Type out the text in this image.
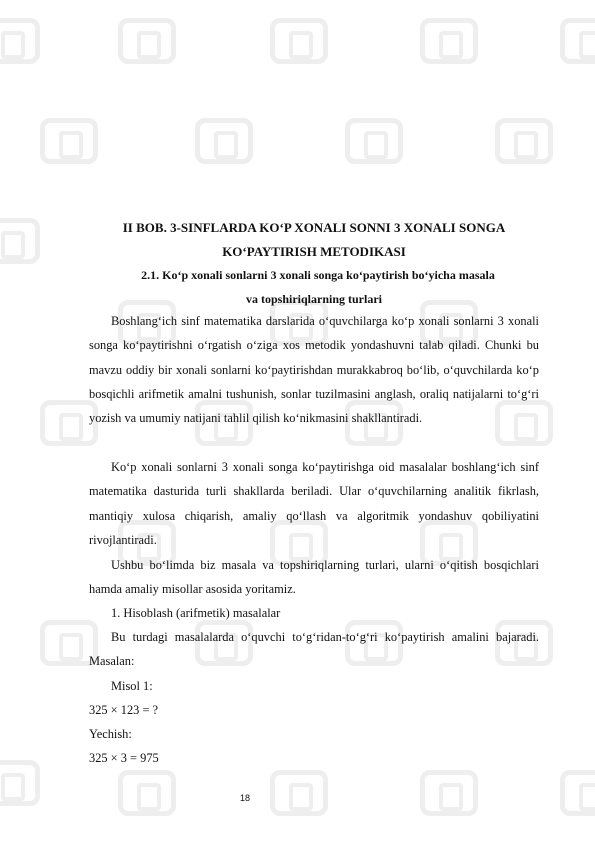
II BOB. 3-SINFLARDA KO‘P XONALI SONNI 3 XONALI SONGA
KO‘PAYTIRISH METODIKASI
2.1. Ko‘p xonali sonlarni 3 xonali songa ko‘paytirish bo‘yicha masala
va topshiriqlarning turlari

Boshlang‘ich sinf matematika darslarida o‘quvchilarga ko‘p xonali sonlarni 3 xonali songa ko‘paytirishni o‘rgatish o‘ziga xos metodik yondashuvni talab qiladi. Chunki bu mavzu oddiy bir xonali sonlarni ko‘paytirishdan murakkabroq bo‘lib, o‘quvchilarda ko‘p bosqichli arifmetik amalni tushunish, sonlar tuzilmasini anglash, oraliq natijalarni to‘g‘ri yozish va umumiy natijani tahlil qilish ko‘nikmasini shakllantiradi.

Ko‘p xonali sonlarni 3 xonali songa ko‘paytirishga oid masalalar boshlang‘ich sinf matematika dasturida turli shakllarda beriladi. Ular o‘quvchilarning analitik fikrlash, mantiqiy xulosa chiqarish, amaliy qo‘llash va algoritmik yondashuv qobiliyatini rivojlantiradi.

Ushbu bo‘limda biz masala va topshiriqlarning turlari, ularni o‘qitish bosqichlari hamda amaliy misollar asosida yoritamiz.

1. Hisoblash (arifmetik) masalalar

Bu turdagi masalalarda o‘quvchi to‘g‘ridan-to‘g‘ri ko‘paytirish amalini bajaradi. Masalan:

Misol 1:

325 × 123 = ?

Yechish:

325 × 3 = 975

18
